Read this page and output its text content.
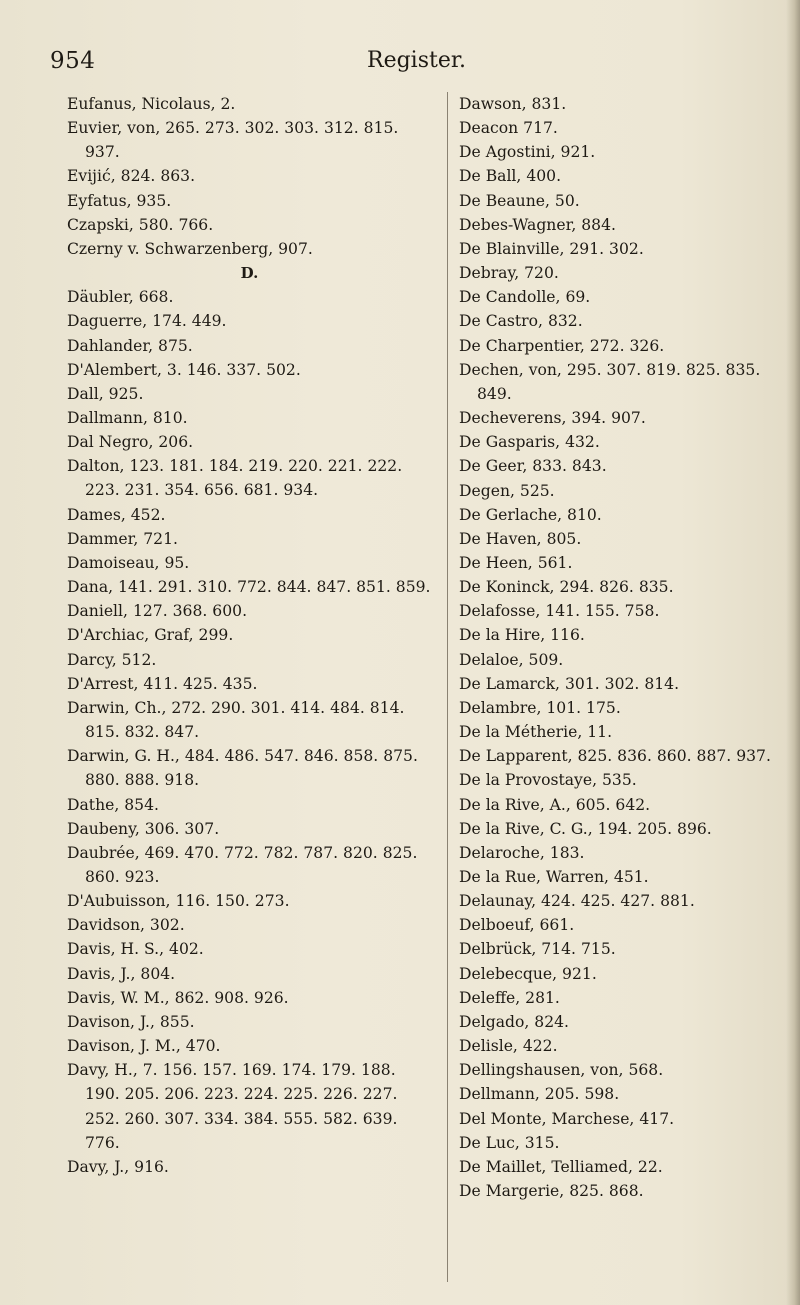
954	Register.
Eufanus, Nicolaus, 2.
Euvier, von, 265. 273. 302. 303. 312. 815. 937.
Evijić, 824. 863.
Eyfatus, 935.
Czapski, 580. 766.
Czerny v. Schwarzenberg, 907.
D.
Däubler, 668.
Daguerre, 174. 449.
Dahlander, 875.
D'Alembert, 3. 146. 337. 502.
Dall, 925.
Dallmann, 810.
Dal Negro, 206.
Dalton, 123. 181. 184. 219. 220. 221. 222. 223. 231. 354. 656. 681. 934.
Dames, 452.
Dammer, 721.
Damoiseau, 95.
Dana, 141. 291. 310. 772. 844. 847. 851. 859.
Daniell, 127. 368. 600.
D'Archiac, Graf, 299.
Darcy, 512.
D'Arrest, 411. 425. 435.
Darwin, Ch., 272. 290. 301. 414. 484. 814. 815. 832. 847.
Darwin, G. H., 484. 486. 547. 846. 858. 875. 880. 888. 918.
Dathe, 854.
Daubeny, 306. 307.
Daubrée, 469. 470. 772. 782. 787. 820. 825. 860. 923.
D'Aubuisson, 116. 150. 273.
Davidson, 302.
Davis, H. S., 402.
Davis, J., 804.
Davis, W. M., 862. 908. 926.
Davison, J., 855.
Davison, J. M., 470.
Davy, H., 7. 156. 157. 169. 174. 179. 188. 190. 205. 206. 223. 224. 225. 226. 227. 252. 260. 307. 334. 384. 555. 582. 639. 776.
Davy, J., 916.
Dawson, 831.
Deacon 717.
De Agostini, 921.
De Ball, 400.
De Beaune, 50.
Debes-Wagner, 884.
De Blainville, 291. 302.
Debray, 720.
De Candolle, 69.
De Castro, 832.
De Charpentier, 272. 326.
Dechen, von, 295. 307. 819. 825. 835. 849.
Decheverens, 394. 907.
De Gasparis, 432.
De Geer, 833. 843.
Degen, 525.
De Gerlache, 810.
De Haven, 805.
De Heen, 561.
De Koninck, 294. 826. 835.
Delafosse, 141. 155. 758.
De la Hire, 116.
Delaloe, 509.
De Lamarck, 301. 302. 814.
Delambre, 101. 175.
De la Métherie, 11.
De Lapparent, 825. 836. 860. 887. 937.
De la Provostaye, 535.
De la Rive, A., 605. 642.
De la Rive, C. G., 194. 205. 896.
Delaroche, 183.
De la Rue, Warren, 451.
Delaunay, 424. 425. 427. 881.
Delboeuf, 661.
Delbrück, 714. 715.
Delebecque, 921.
Deleffe, 281.
Delgado, 824.
Delisle, 422.
Dellingshausen, von, 568.
Dellmann, 205. 598.
Del Monte, Marchese, 417.
De Luc, 315.
De Maillet, Telliamed, 22.
De Margerie, 825. 868.
